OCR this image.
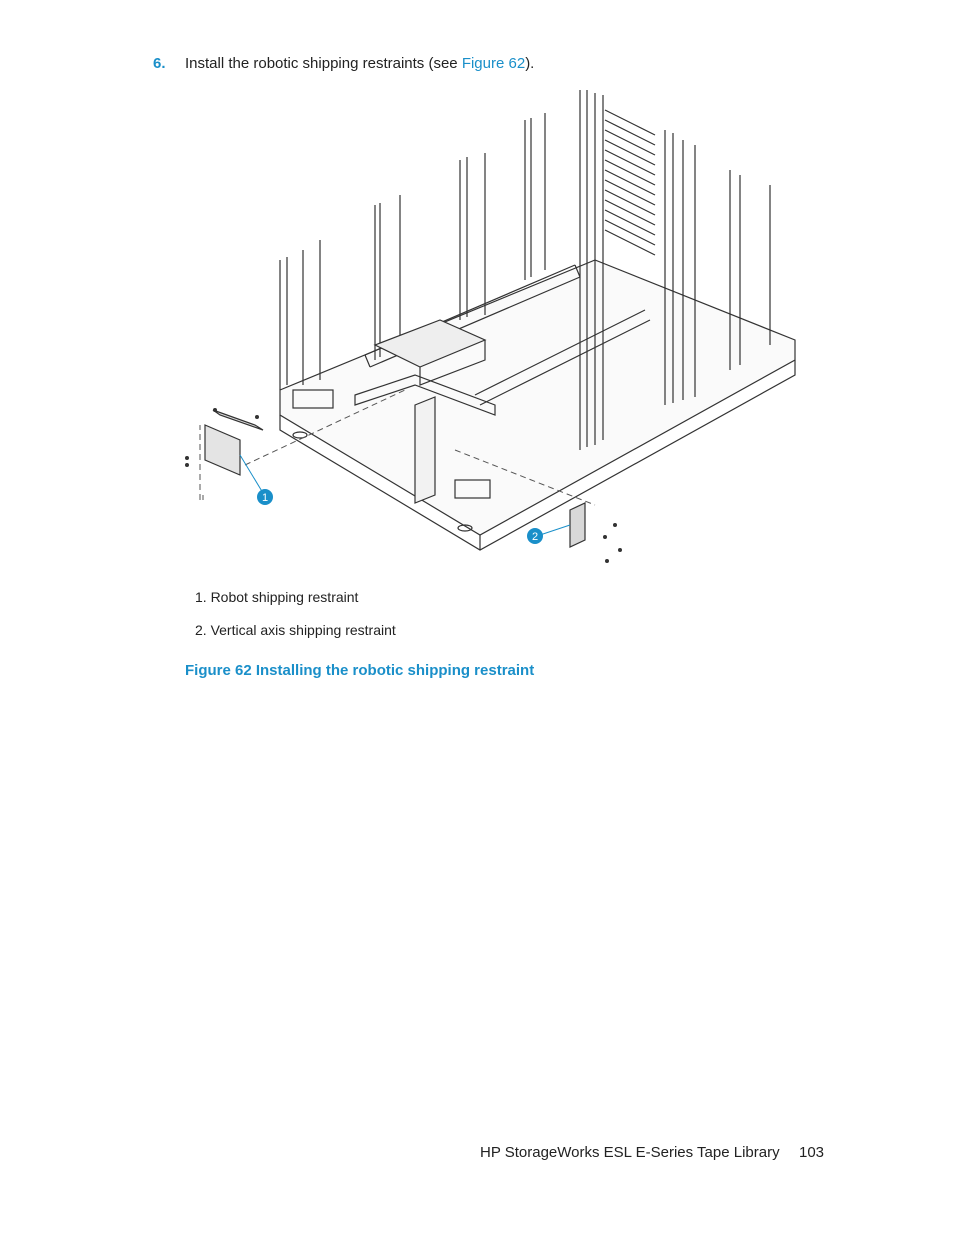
6. Install the robotic shipping restraints (see Figure 62).
1
2
1. Robot shipping restraint
2. Vertical axis shipping restraint
Figure 62 Installing the robotic shipping restraint
HP StorageWorks ESL E-Series Tape Library 103
